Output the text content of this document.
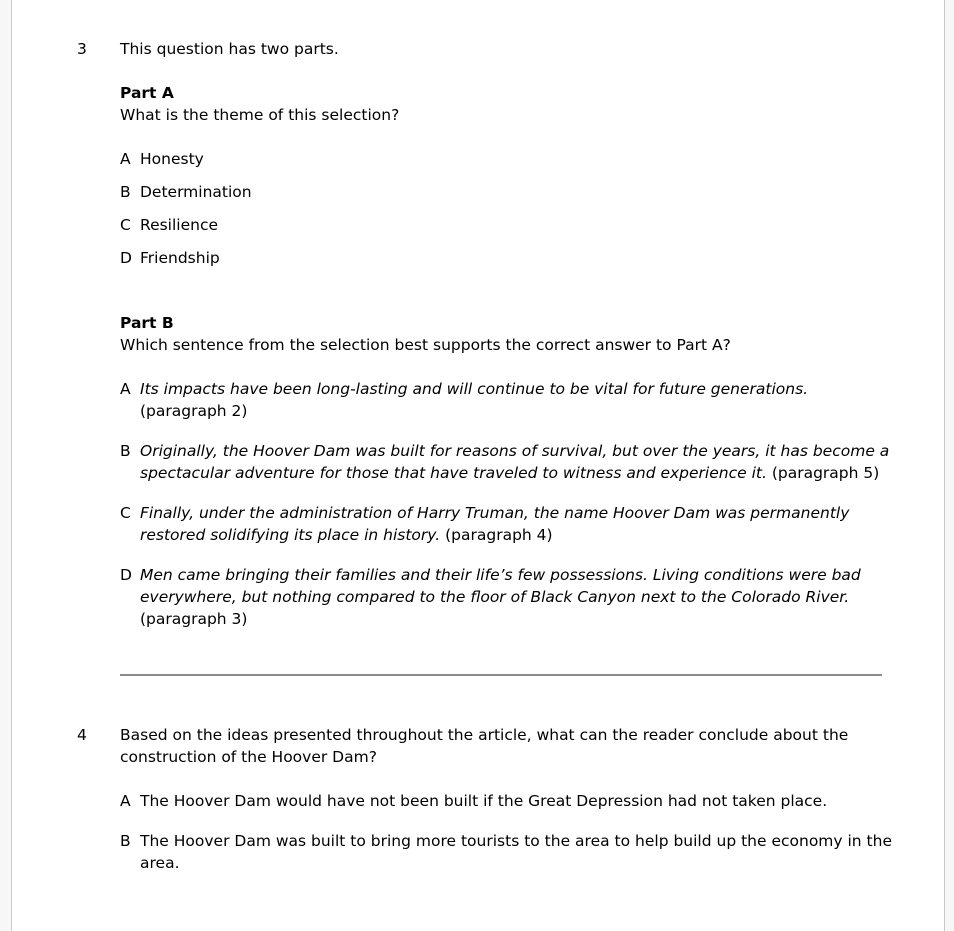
3 This question has two parts.

Part A

What is the theme of this selection?

A Honesty
B Determination
C Resilience
D Friendship

Part B

Which sentence from the selection best supports the correct answer to Part A?

A Its impacts have been long-lasting and will continue to be vital for future generations. (paragraph 2)
B Originally, the Hoover Dam was built for reasons of survival, but over the years, it has become a spectacular adventure for those that have traveled to witness and experience it. (paragraph 5)
C Finally, under the administration of Harry Truman, the name Hoover Dam was permanently restored solidifying its place in history. (paragraph 4)
D Men came bringing their families and their life’s few possessions. Living conditions were bad everywhere, but nothing compared to the floor of Black Canyon next to the Colorado River. (paragraph 3)
4 Based on the ideas presented throughout the article, what can the reader conclude about the construction of the Hoover Dam?

A The Hoover Dam would have not been built if the Great Depression had not taken place.
B The Hoover Dam was built to bring more tourists to the area to help build up the economy in the area.
